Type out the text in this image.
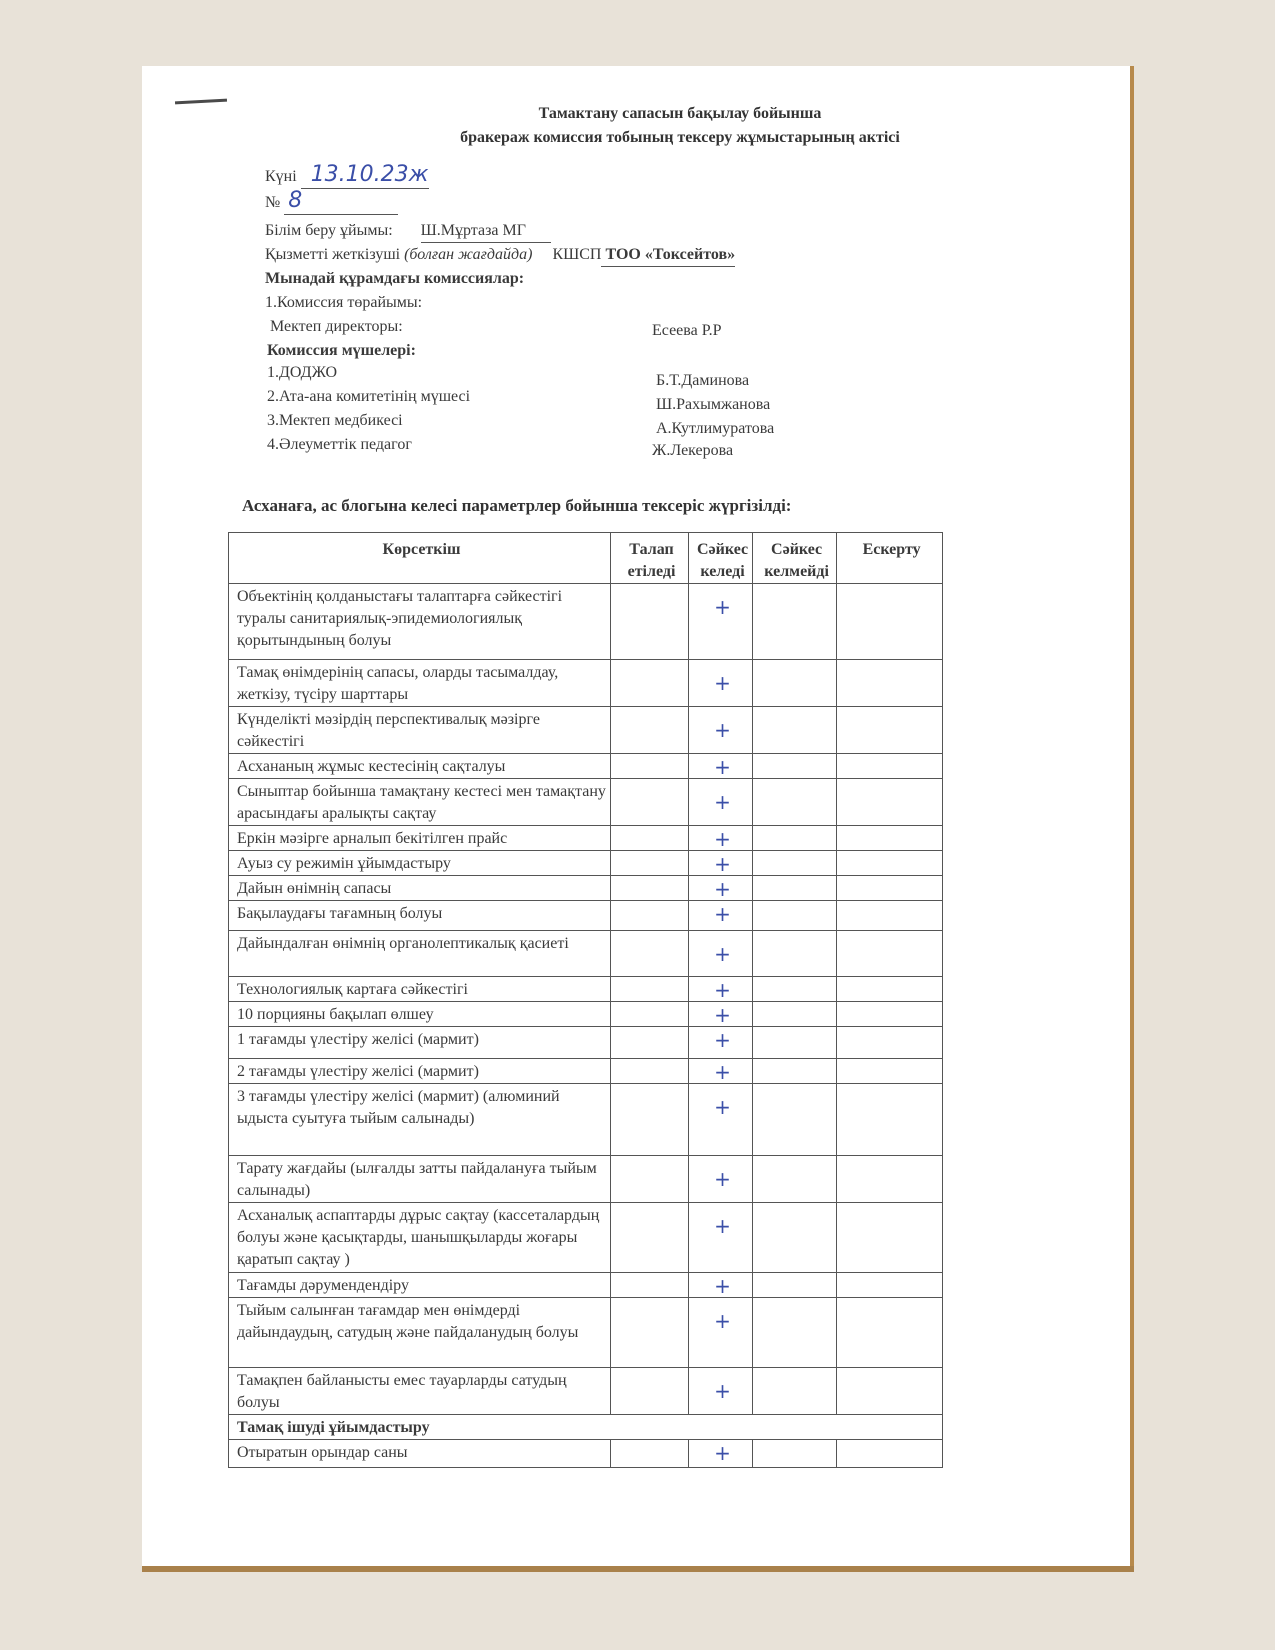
Тамактану сапасын бақылау бойынша
бракераж комиссия тобының тексеру жұмыстарының актісі
Күні 13.10.23ж
№ 8
Білім беру ұйымы: Ш.Мұртаза МГ
Қызметті жеткізуші (болған жағдайда) КШСП ТОО «Токсейтов»
Мынадай құрамдағы комиссиялар:
1.Комиссия төрайымы:
Мектеп директоры:	Есеева Р.Р
Комиссия мүшелері:
1.ДОДЖО	Б.Т.Даминова
2.Ата-ана комитетінің мүшесі	Ш.Рахымжанова
3.Мектеп медбикесі	А.Кутлимуратова
4.Әлеуметтік педагог	Ж.Лекерова
Асханаға, ас блогына келесі параметрлер бойынша тексеріс жүргізілді:
Көрсеткіш	Талап етіледі	Сәйкес келеді	Сәйкес келмейді	Ескерту
Объектінің қолданыстағы талаптарға сәйкестігі туралы санитариялық-эпидемиологиялық қорытындының болуы		+		

Тамақ өнімдерінің сапасы, оларды тасымалдау, жеткізу, түсіру шарттары		+		

Күнделікті мәзірдің перспективалық мәзірге сәйкестігі		+		

Асхананың жұмыс кестесінің сақталуы		+		

Сыныптар бойынша тамақтану кестесі мен тамақтану арасындағы аралықты сақтау		+		

Еркін мәзірге арналып бекітілген прайс		+		

Ауыз су режимін ұйымдастыру		+		

Дайын өнімнің сапасы		+		

Бақылаудағы тағамның болуы		+		

Дайындалған өнімнің органолептикалық қасиеті		+		

Технологиялық картаға сәйкестігі		+		

10 порцияны бақылап өлшеу		+		

1 тағамды үлестіру желісі (мармит)		+		

2 тағамды үлестіру желісі (мармит)		+		

3 тағамды үлестіру желісі (мармит) (алюминий ыдыста суытуға тыйым салынады)		+		

Тарату жағдайы (ылғалды затты пайдалануға тыйым салынады)		+		

Асханалық аспаптарды дұрыс сақтау (кассеталардың болуы және қасықтарды, шанышқыларды жоғары қаратып сақтау )		+		

Тағамды дәрумендендіру		+		

Тыйым салынған тағамдар мен өнімдерді дайындаудың, сатудың және пайдаланудың болуы		+		

Тамақпен байланысты емес тауарларды сатудың болуы		+		

Тамақ ішуді ұйымдастыру				
Отыратын орындар саны		+		
